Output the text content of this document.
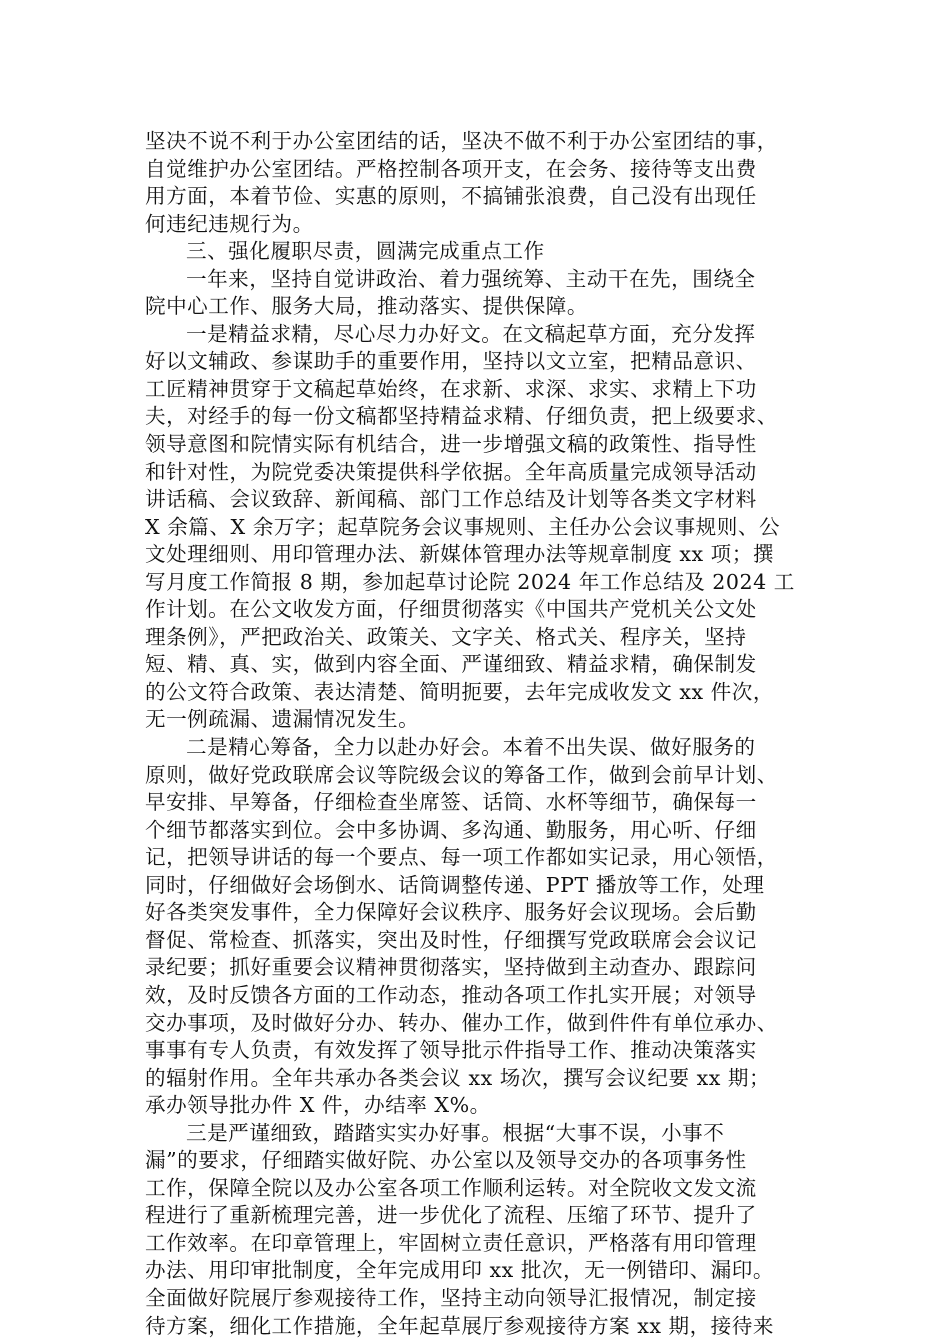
坚决不说不利于办公室团结的话，坚决不做不利于办公室团结的事，
自觉维护办公室团结。严格控制各项开支，在会务、接待等支出费
用方面，本着节俭、实惠的原则，不搞铺张浪费，自己没有出现任
何违纪违规行为。
三、强化履职尽责，圆满完成重点工作
一年来，坚持自觉讲政治、着力强统筹、主动干在先，围绕全
院中心工作、服务大局，推动落实、提供保障。
一是精益求精，尽心尽力办好文。在文稿起草方面，充分发挥
好以文辅政、参谋助手的重要作用，坚持以文立室，把精品意识、
工匠精神贯穿于文稿起草始终，在求新、求深、求实、求精上下功
夫，对经手的每一份文稿都坚持精益求精、仔细负责，把上级要求、
领导意图和院情实际有机结合，进一步增强文稿的政策性、指导性
和针对性，为院党委决策提供科学依据。全年高质量完成领导活动
讲话稿、会议致辞、新闻稿、部门工作总结及计划等各类文字材料
X 余篇、X 余万字；起草院务会议事规则、主任办公会议事规则、公
文处理细则、用印管理办法、新媒体管理办法等规章制度 xx 项；撰
写月度工作简报 8 期，参加起草讨论院 2024 年工作总结及 2024 工
作计划。在公文收发方面，仔细贯彻落实《中国共产党机关公文处
理条例》，严把政治关、政策关、文字关、格式关、程序关，坚持
短、精、真、实，做到内容全面、严谨细致、精益求精，确保制发
的公文符合政策、表达清楚、简明扼要，去年完成收发文 xx 件次，
无一例疏漏、遗漏情况发生。
二是精心筹备，全力以赴办好会。本着不出失误、做好服务的
原则，做好党政联席会议等院级会议的筹备工作，做到会前早计划、
早安排、早筹备，仔细检查坐席签、话筒、水杯等细节，确保每一
个细节都落实到位。会中多协调、多沟通、勤服务，用心听、仔细
记，把领导讲话的每一个要点、每一项工作都如实记录，用心领悟，
同时，仔细做好会场倒水、话筒调整传递、PPT 播放等工作，处理
好各类突发事件，全力保障好会议秩序、服务好会议现场。会后勤
督促、常检查、抓落实，突出及时性，仔细撰写党政联席会会议记
录纪要；抓好重要会议精神贯彻落实，坚持做到主动查办、跟踪问
效，及时反馈各方面的工作动态，推动各项工作扎实开展；对领导
交办事项，及时做好分办、转办、催办工作，做到件件有单位承办、
事事有专人负责，有效发挥了领导批示件指导工作、推动决策落实
的辐射作用。全年共承办各类会议 xx 场次，撰写会议纪要 xx 期；
承办领导批办件 X 件，办结率 X%。
三是严谨细致，踏踏实实办好事。根据“大事不误，小事不
漏”的要求，仔细踏实做好院、办公室以及领导交办的各项事务性
工作，保障全院以及办公室各项工作顺利运转。对全院收文发文流
程进行了重新梳理完善，进一步优化了流程、压缩了环节、提升了
工作效率。在印章管理上，牢固树立责任意识，严格落有用印管理
办法、用印审批制度，全年完成用印 xx 批次，无一例错印、漏印。
全面做好院展厅参观接待工作，坚持主动向领导汇报情况，制定接
待方案，细化工作措施，全年起草展厅参观接待方案 xx 期，接待来
